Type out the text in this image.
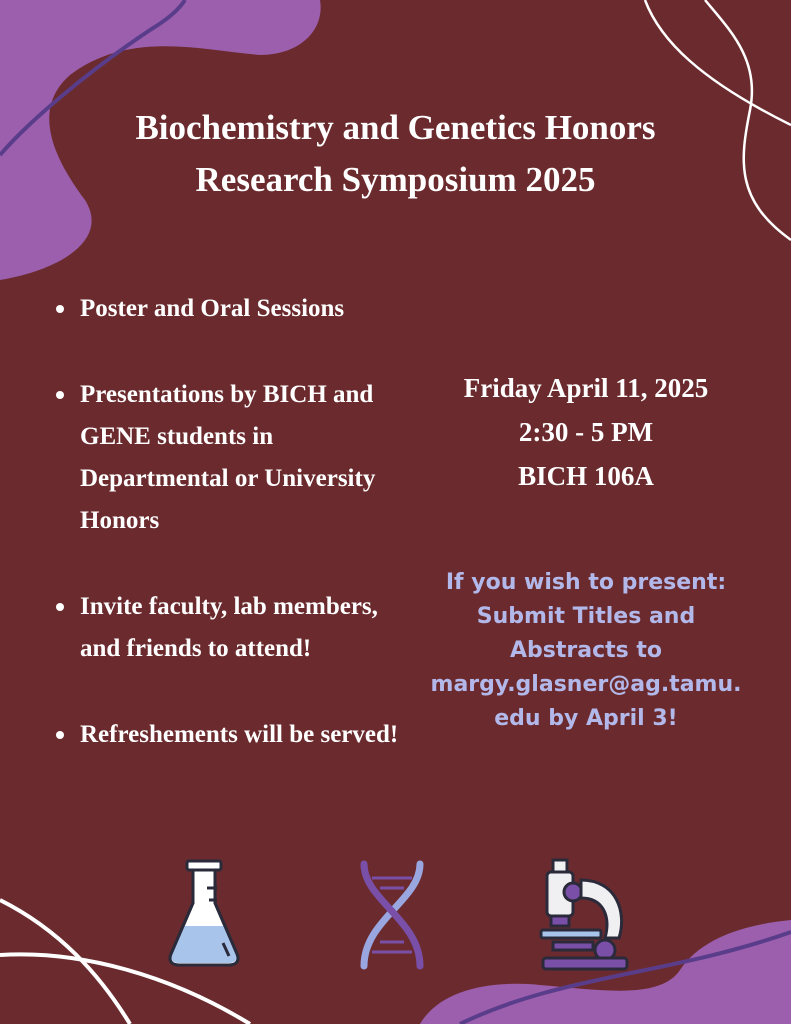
Biochemistry and Genetics Honors
Research Symposium 2025
Poster and Oral Sessions
Presentations by BICH and GENE students in Departmental or University Honors
Invite faculty, lab members, and friends to attend!
Refreshements will be served!
Friday April 11, 2025
2:30 - 5 PM
BICH 106A
If you wish to present:
Submit Titles and
Abstracts to
margy.glasner@ag.tamu.
edu by April 3!
